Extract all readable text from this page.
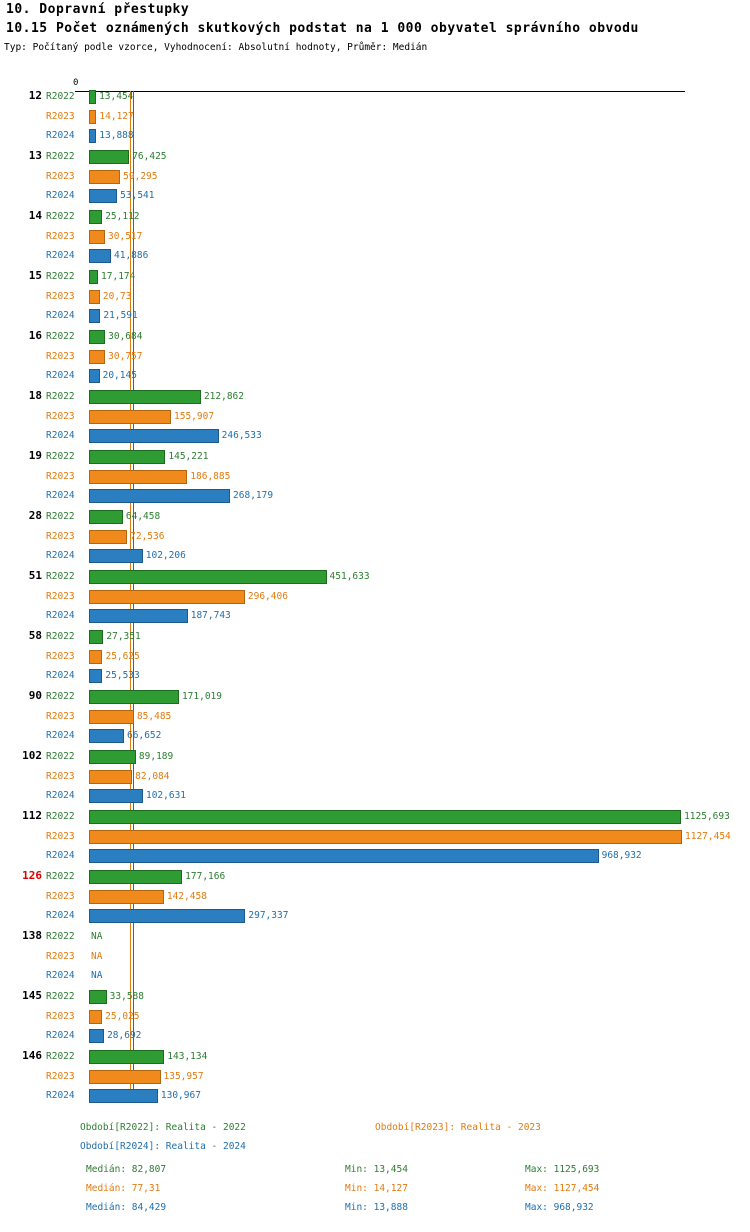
10. Dopravní přestupky
10.15 Počet oznámených skutkových podstat na 1 000 obyvatel správního obvodu
Typ: Počítaný podle vzorce, Vyhodnocení: Absolutní hodnoty, Průměr: Medián
0
12 R2022	13,454
R2023	14,127
R2024	13,888
13 R2022	76,425
R2023	59,295
R2024	53,541
14 R2022	25,112
R2023	30,517
R2024	41,886
15 R2022	17,174
R2023	20,73
R2024	21,591
16 R2022	30,684
R2023	30,757
R2024	20,145
18 R2022	212,862
R2023	155,907
R2024	246,533
19 R2022	145,221
R2023	186,885
R2024	268,179
28 R2022	64,458
R2023	72,536
R2024	102,206
51 R2022	451,633
R2023	296,406
R2024	187,743
58 R2022	27,351
R2023	25,625
R2024	25,533
90 R2022	171,019
R2023	85,485
R2024	66,652
102 R2022	89,189
R2023	82,084
R2024	102,631
112 R2022	1125,693
R2023	1127,454
R2024	968,932
126 R2022	177,166
R2023	142,458
R2024	297,337
138 R2022	NA
R2023	NA
R2024	NA
145 R2022	33,588
R2023	25,025
R2024	28,692
146 R2022	143,134
R2023	135,957
R2024	130,967
Období[R2022]: Realita - 2022	Období[R2023]: Realita - 2023
Období[R2024]: Realita - 2024
Medián: 82,807	Min: 13,454	Max: 1125,693
Medián: 77,31	Min: 14,127	Max: 1127,454
Medián: 84,429	Min: 13,888	Max: 968,932
